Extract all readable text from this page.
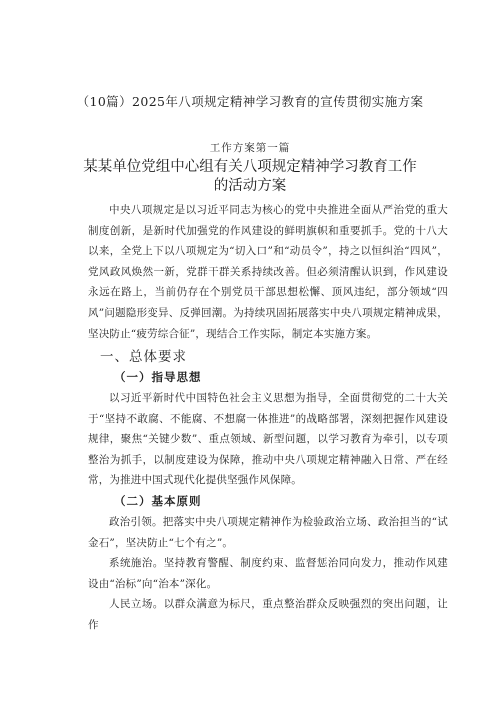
（10篇）2025年八项规定精神学习教育的宣传贯彻实施方案
工作方案第一篇
某某单位党组中心组有关八项规定精神学习教育工作
的活动方案

中央八项规定是以习近平同志为核心的党中央推进全面从严治党的重大制度创新，是新时代加强党的作风建设的鲜明旗帜和重要抓手。党的十八大以来，全党上下以八项规定为“切入口”和“动员令”，持之以恒纠治“四风”，党风政风焕然一新，党群干群关系持续改善。但必须清醒认识到，作风建设永远在路上，当前仍存在个别党员干部思想松懈、顶风违纪，部分领域“四风”问题隐形变异、反弹回潮。为持续巩固拓展落实中央八项规定精神成果，坚决防止“疲劳综合征”，现结合工作实际，制定本实施方案。

一、总体要求
（一）指导思想

以习近平新时代中国特色社会主义思想为指导，全面贯彻党的二十大关于“坚持不敢腐、不能腐、不想腐一体推进”的战略部署，深刻把握作风建设规律，聚焦“关键少数”、重点领域、新型问题，以学习教育为牵引，以专项整治为抓手，以制度建设为保障，推动中央八项规定精神融入日常、严在经常，为推进中国式现代化提供坚强作风保障。

（二）基本原则

政治引领。把落实中央八项规定精神作为检验政治立场、政治担当的“试金石”，坚决防止“七个有之”。

系统施治。坚持教育警醒、制度约束、监督惩治同向发力，推动作风建设由“治标”向“治本”深化。

人民立场。以群众满意为标尺，重点整治群众反映强烈的突出问题，让作
